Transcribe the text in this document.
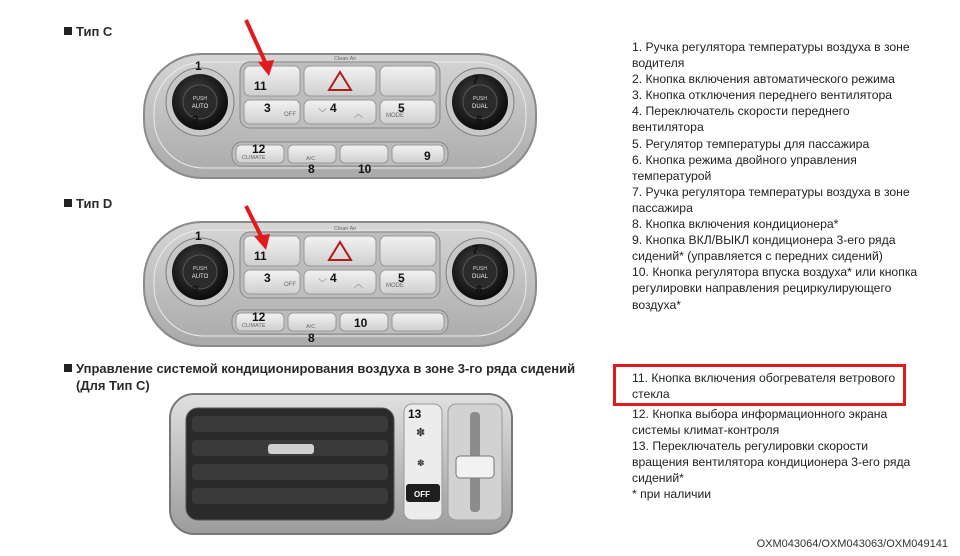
Тип С
Тип D
Управление системой кондиционирования воздуха в зоне 3-го ряда сидений
(Для Тип С)
PUSH
AUTO
PUSH
DUAL
OFF ﹀	︿	MODE
Clean Air
CLIMATE	A/C
1
2
3	4	5
6
7
8
9
10
11
12
PUSH
AUTO
PUSH
DUAL
OFF ﹀	︿	MODE
Clean Air
CLIMATE	A/C
1
2
3	4	5
6
7
8
10
11
12
✽
✽
OFF
13
1. Ручка регулятора температуры воздуха в зоне водителя
2. Кнопка включения автоматического режима
3. Кнопка отключения переднего вентилятора
4. Переключатель скорости переднего вентилятора
5. Регулятор температуры для пассажира
6. Кнопка режима двойного управления температурой
7. Ручка регулятора температуры воздуха в зоне пассажира
8. Кнопка включения кондиционера*
9. Кнопка ВКЛ/ВЫКЛ кондиционера 3-его ряда сидений* (управляется с передних сидений)
10. Кнопка регулятора впуска воздуха* или кнопка регулировки направления рециркулирующего воздуха*
11. Кнопка включения обогревателя ветрового стекла
12. Кнопка выбора информационного экрана системы климат-контроля
13. Переключатель регулировки скорости вращения вентилятора кондиционера 3-его ряда сидений*
* при наличии
OXM043064/OXM043063/OXM049141
